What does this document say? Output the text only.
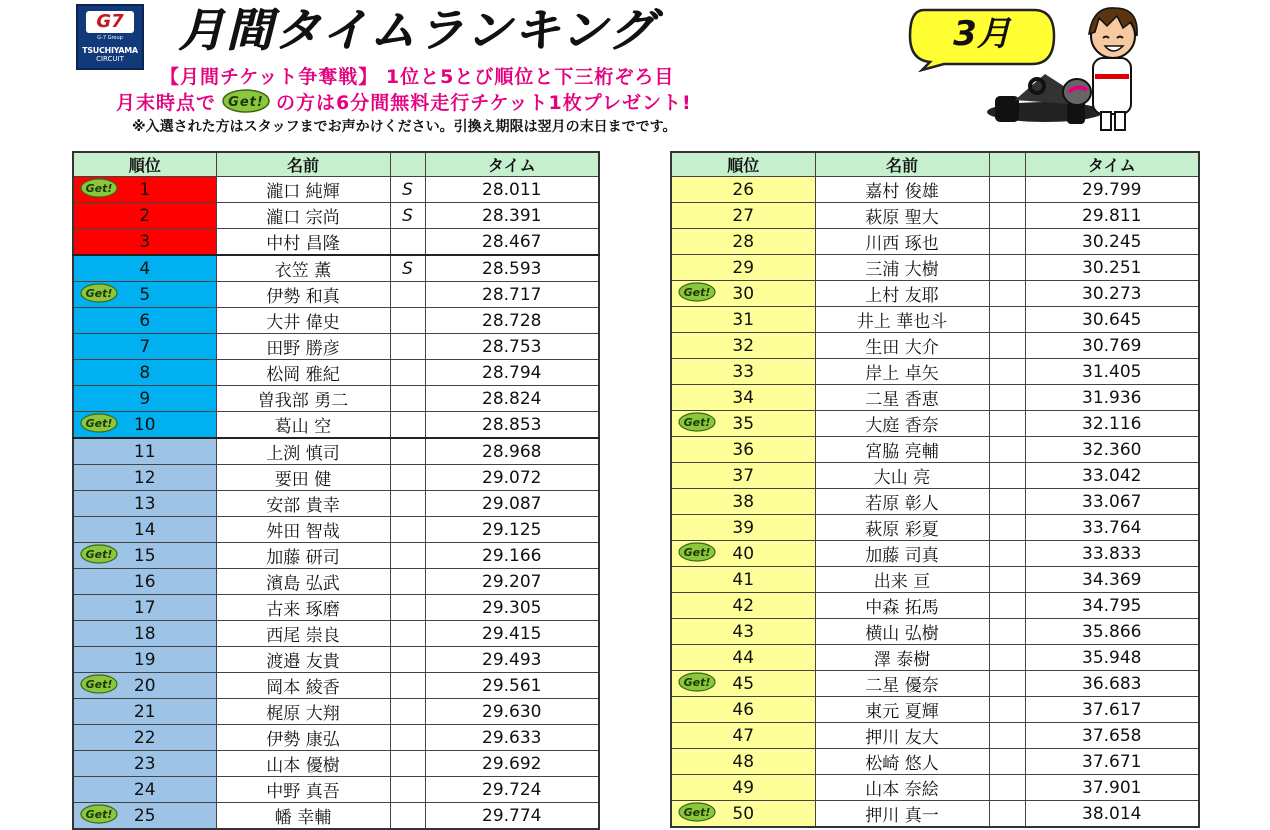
G7
G-7 Group
TSUCHIYAMA
CIRCUIT
月間タイムランキング	3月
【月間チケット争奪戦】 1位と5とび順位と下三桁ぞろ目
月末時点で Get! の方は6分間無料走行チケット1枚プレゼント!
※入選された方はスタッフまでお声かけください。引換え期限は翌月の末日までです。
順位	名前		タイム

Get! 1	瀧口 純輝	S	28.011
2	瀧口 宗尚	S	28.391
3	中村 昌隆		28.467
4	衣笠 薫	S	28.593

Get! 5	伊勢 和真		28.717
6	大井 偉史		28.728
7	田野 勝彦		28.753
8	松岡 雅紀		28.794
9	曽我部 勇二		28.824

Get! 10	葛山 空		28.853
11	上渕 慎司		28.968
12	要田 健		29.072
13	安部 貴幸		29.087
14	舛田 智哉		29.125

Get! 15	加藤 研司		29.166
16	濱島 弘武		29.207
17	古来 琢磨		29.305
18	西尾 崇良		29.415
19	渡邉 友貴		29.493

Get! 20	岡本 綾香		29.561
21	梶原 大翔		29.630
22	伊勢 康弘		29.633
23	山本 優樹		29.692
24	中野 真吾		29.724

Get! 25	幡 幸輔		29.774
順位	名前		タイム
26	嘉村 俊雄		29.799
27	萩原 聖大		29.811
28	川西 琢也		30.245
29	三浦 大樹		30.251

Get! 30	上村 友耶		30.273
31	井上 華也斗		30.645
32	生田 大介		30.769
33	岸上 卓矢		31.405
34	二星 香恵		31.936

Get! 35	大庭 香奈		32.116
36	宮脇 亮輔		32.360
37	大山 亮		33.042
38	若原 彰人		33.067
39	萩原 彩夏		33.764

Get! 40	加藤 司真		33.833
41	出来 亘		34.369
42	中森 拓馬		34.795
43	横山 弘樹		35.866
44	澤 泰樹		35.948

Get! 45	二星 優奈		36.683
46	東元 夏輝		37.617
47	押川 友大		37.658
48	松崎 悠人		37.671
49	山本 奈絵		37.901

Get! 50	押川 真一		38.014
